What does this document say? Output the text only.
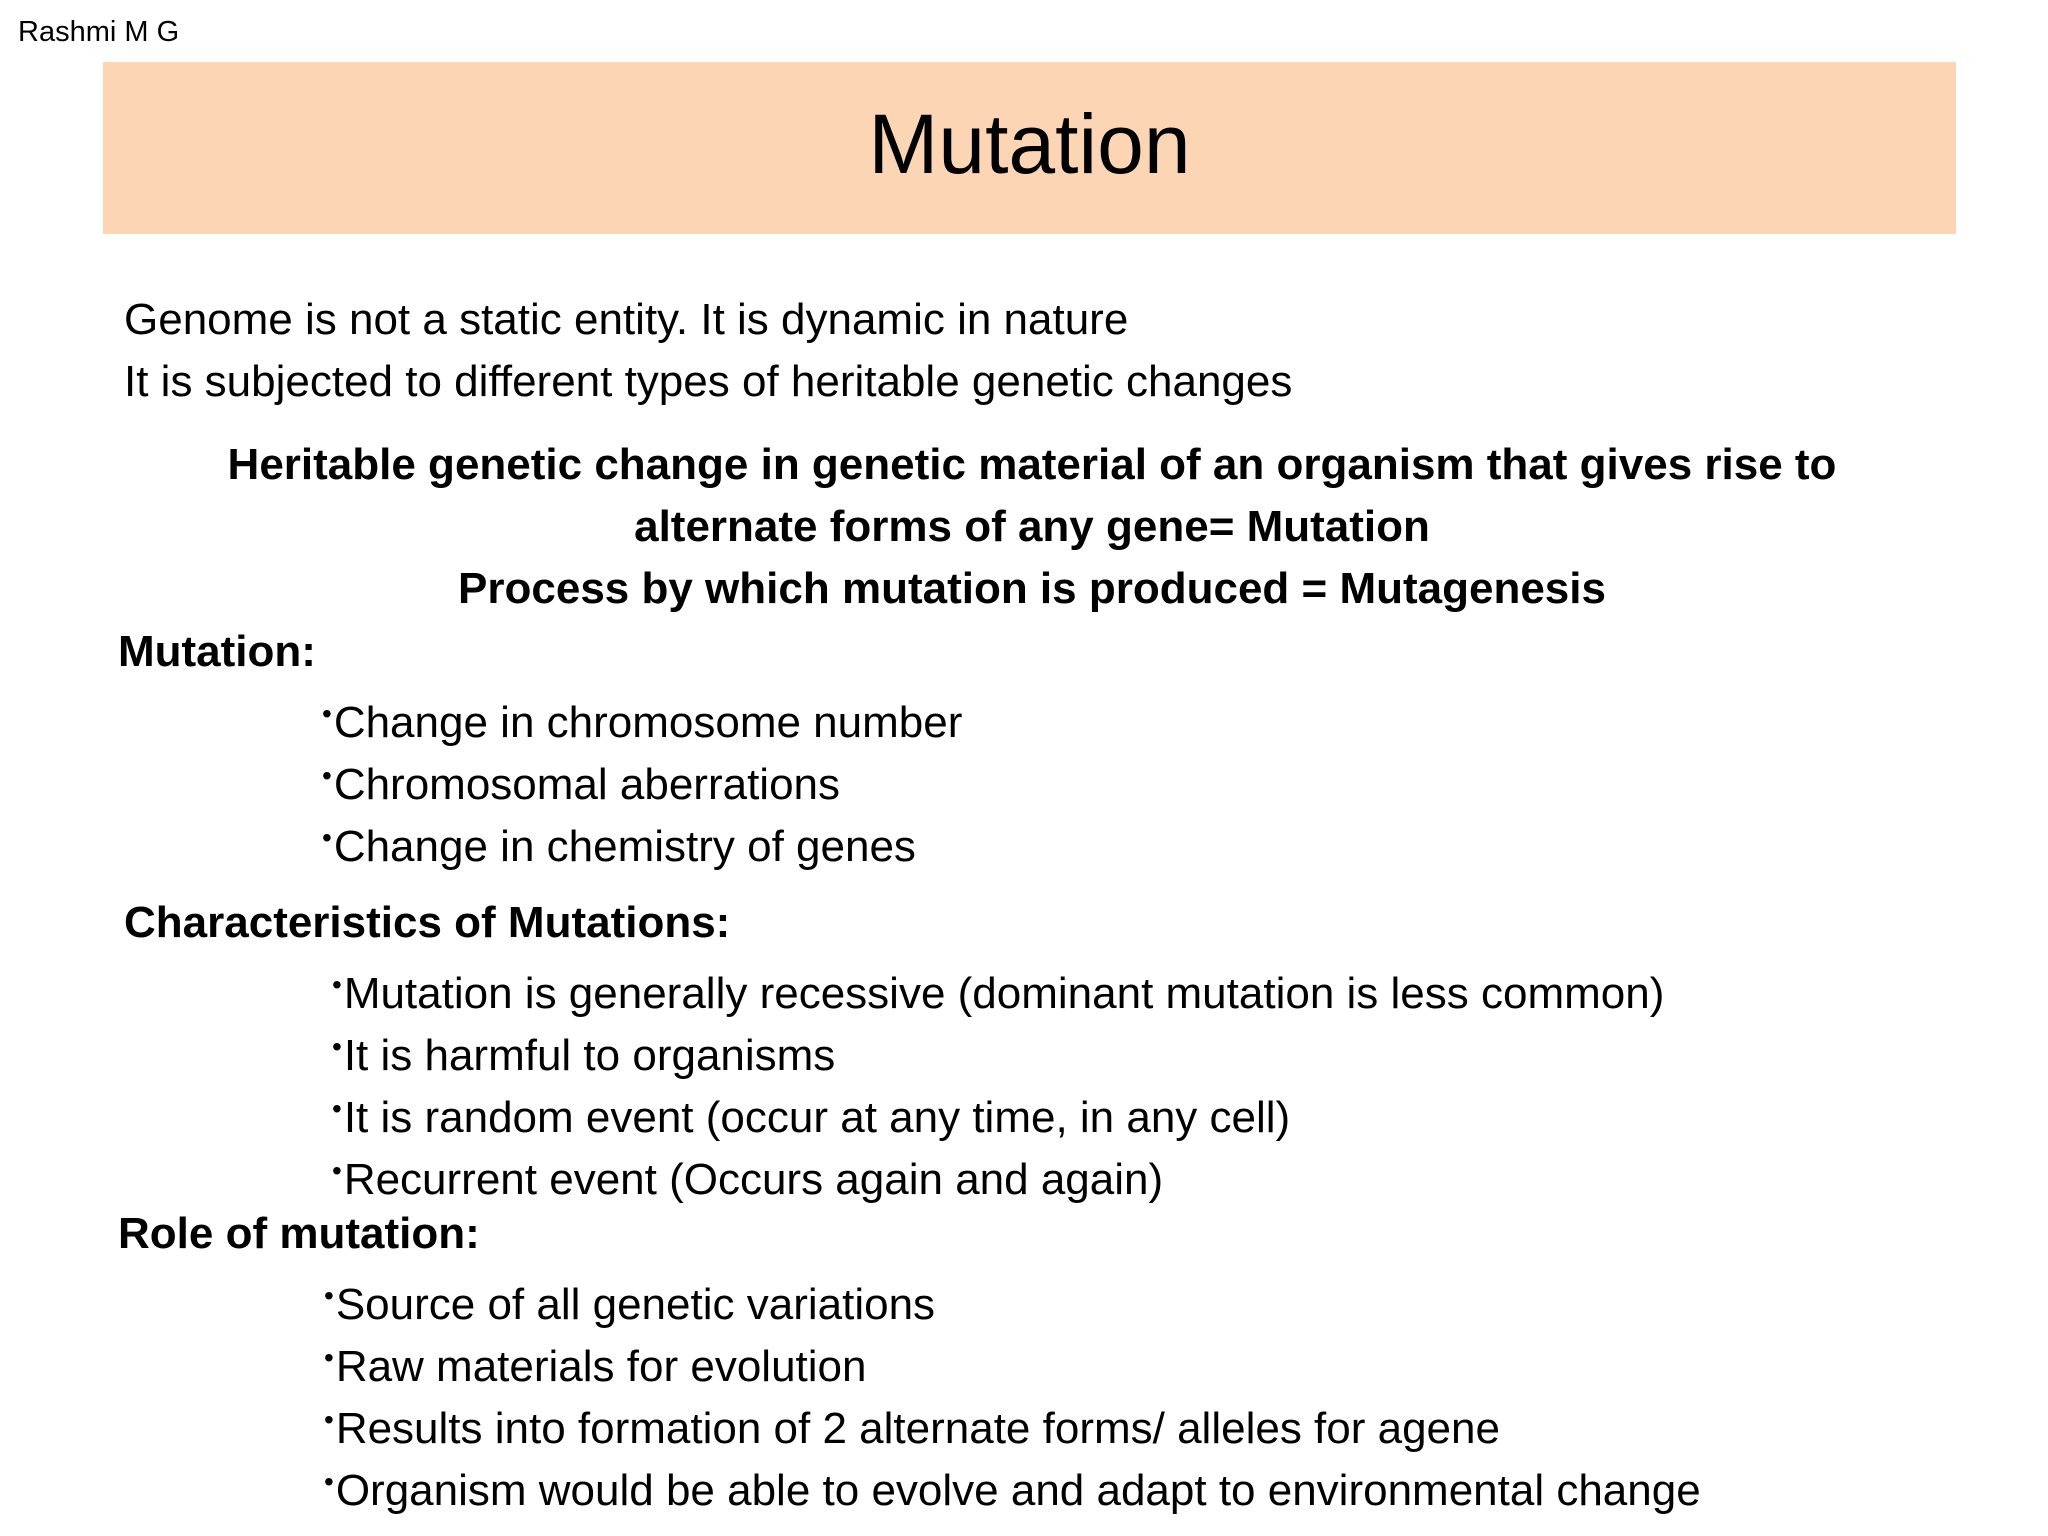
Rashmi M G
Mutation
Genome is not a static entity. It is dynamic in nature
It is subjected to different types of heritable genetic changes
Heritable genetic change in genetic material of an organism that gives rise to
alternate forms of any gene= Mutation
Process by which mutation is produced = Mutagenesis
Mutation:
•Change in chromosome number
•Chromosomal aberrations
•Change in chemistry of genes
Characteristics of Mutations:
•Mutation is generally recessive (dominant mutation is less common)
•It is harmful to organisms
•It is random event (occur at any time, in any cell)
•Recurrent event (Occurs again and again)
Role of mutation:
•Source of all genetic variations
•Raw materials for evolution
•Results into formation of 2 alternate forms/ alleles for agene
•Organism would be able to evolve and adapt to environmental change
